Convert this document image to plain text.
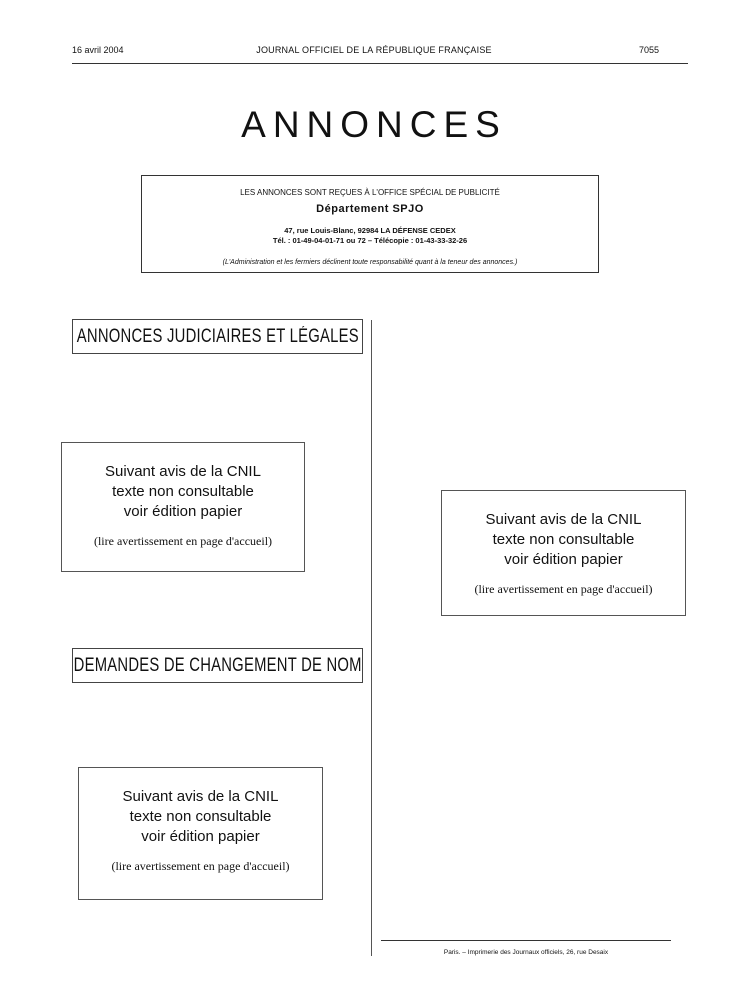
16 avril 2004	JOURNAL OFFICIEL DE LA RÉPUBLIQUE FRANÇAISE	7055
ANNONCES
LES ANNONCES SONT REÇUES À L'OFFICE SPÉCIAL DE PUBLICITÉ
Département SPJO
47, rue Louis-Blanc, 92984 LA DÉFENSE CEDEX
Tél. : 01-49-04-01-71 ou 72 – Télécopie : 01-43-33-32-26
(L'Administration et les fermiers déclinent toute responsabilité quant à la teneur des annonces.)
ANNONCES JUDICIAIRES ET LÉGALES
Suivant avis de la CNIL
texte non consultable
voir édition papier
(lire avertissement en page d'accueil)
Suivant avis de la CNIL
texte non consultable
voir édition papier
(lire avertissement en page d'accueil)
DEMANDES DE CHANGEMENT DE NOM
Suivant avis de la CNIL
texte non consultable
voir édition papier
(lire avertissement en page d'accueil)
Paris. – Imprimerie des Journaux officiels, 26, rue Desaix
